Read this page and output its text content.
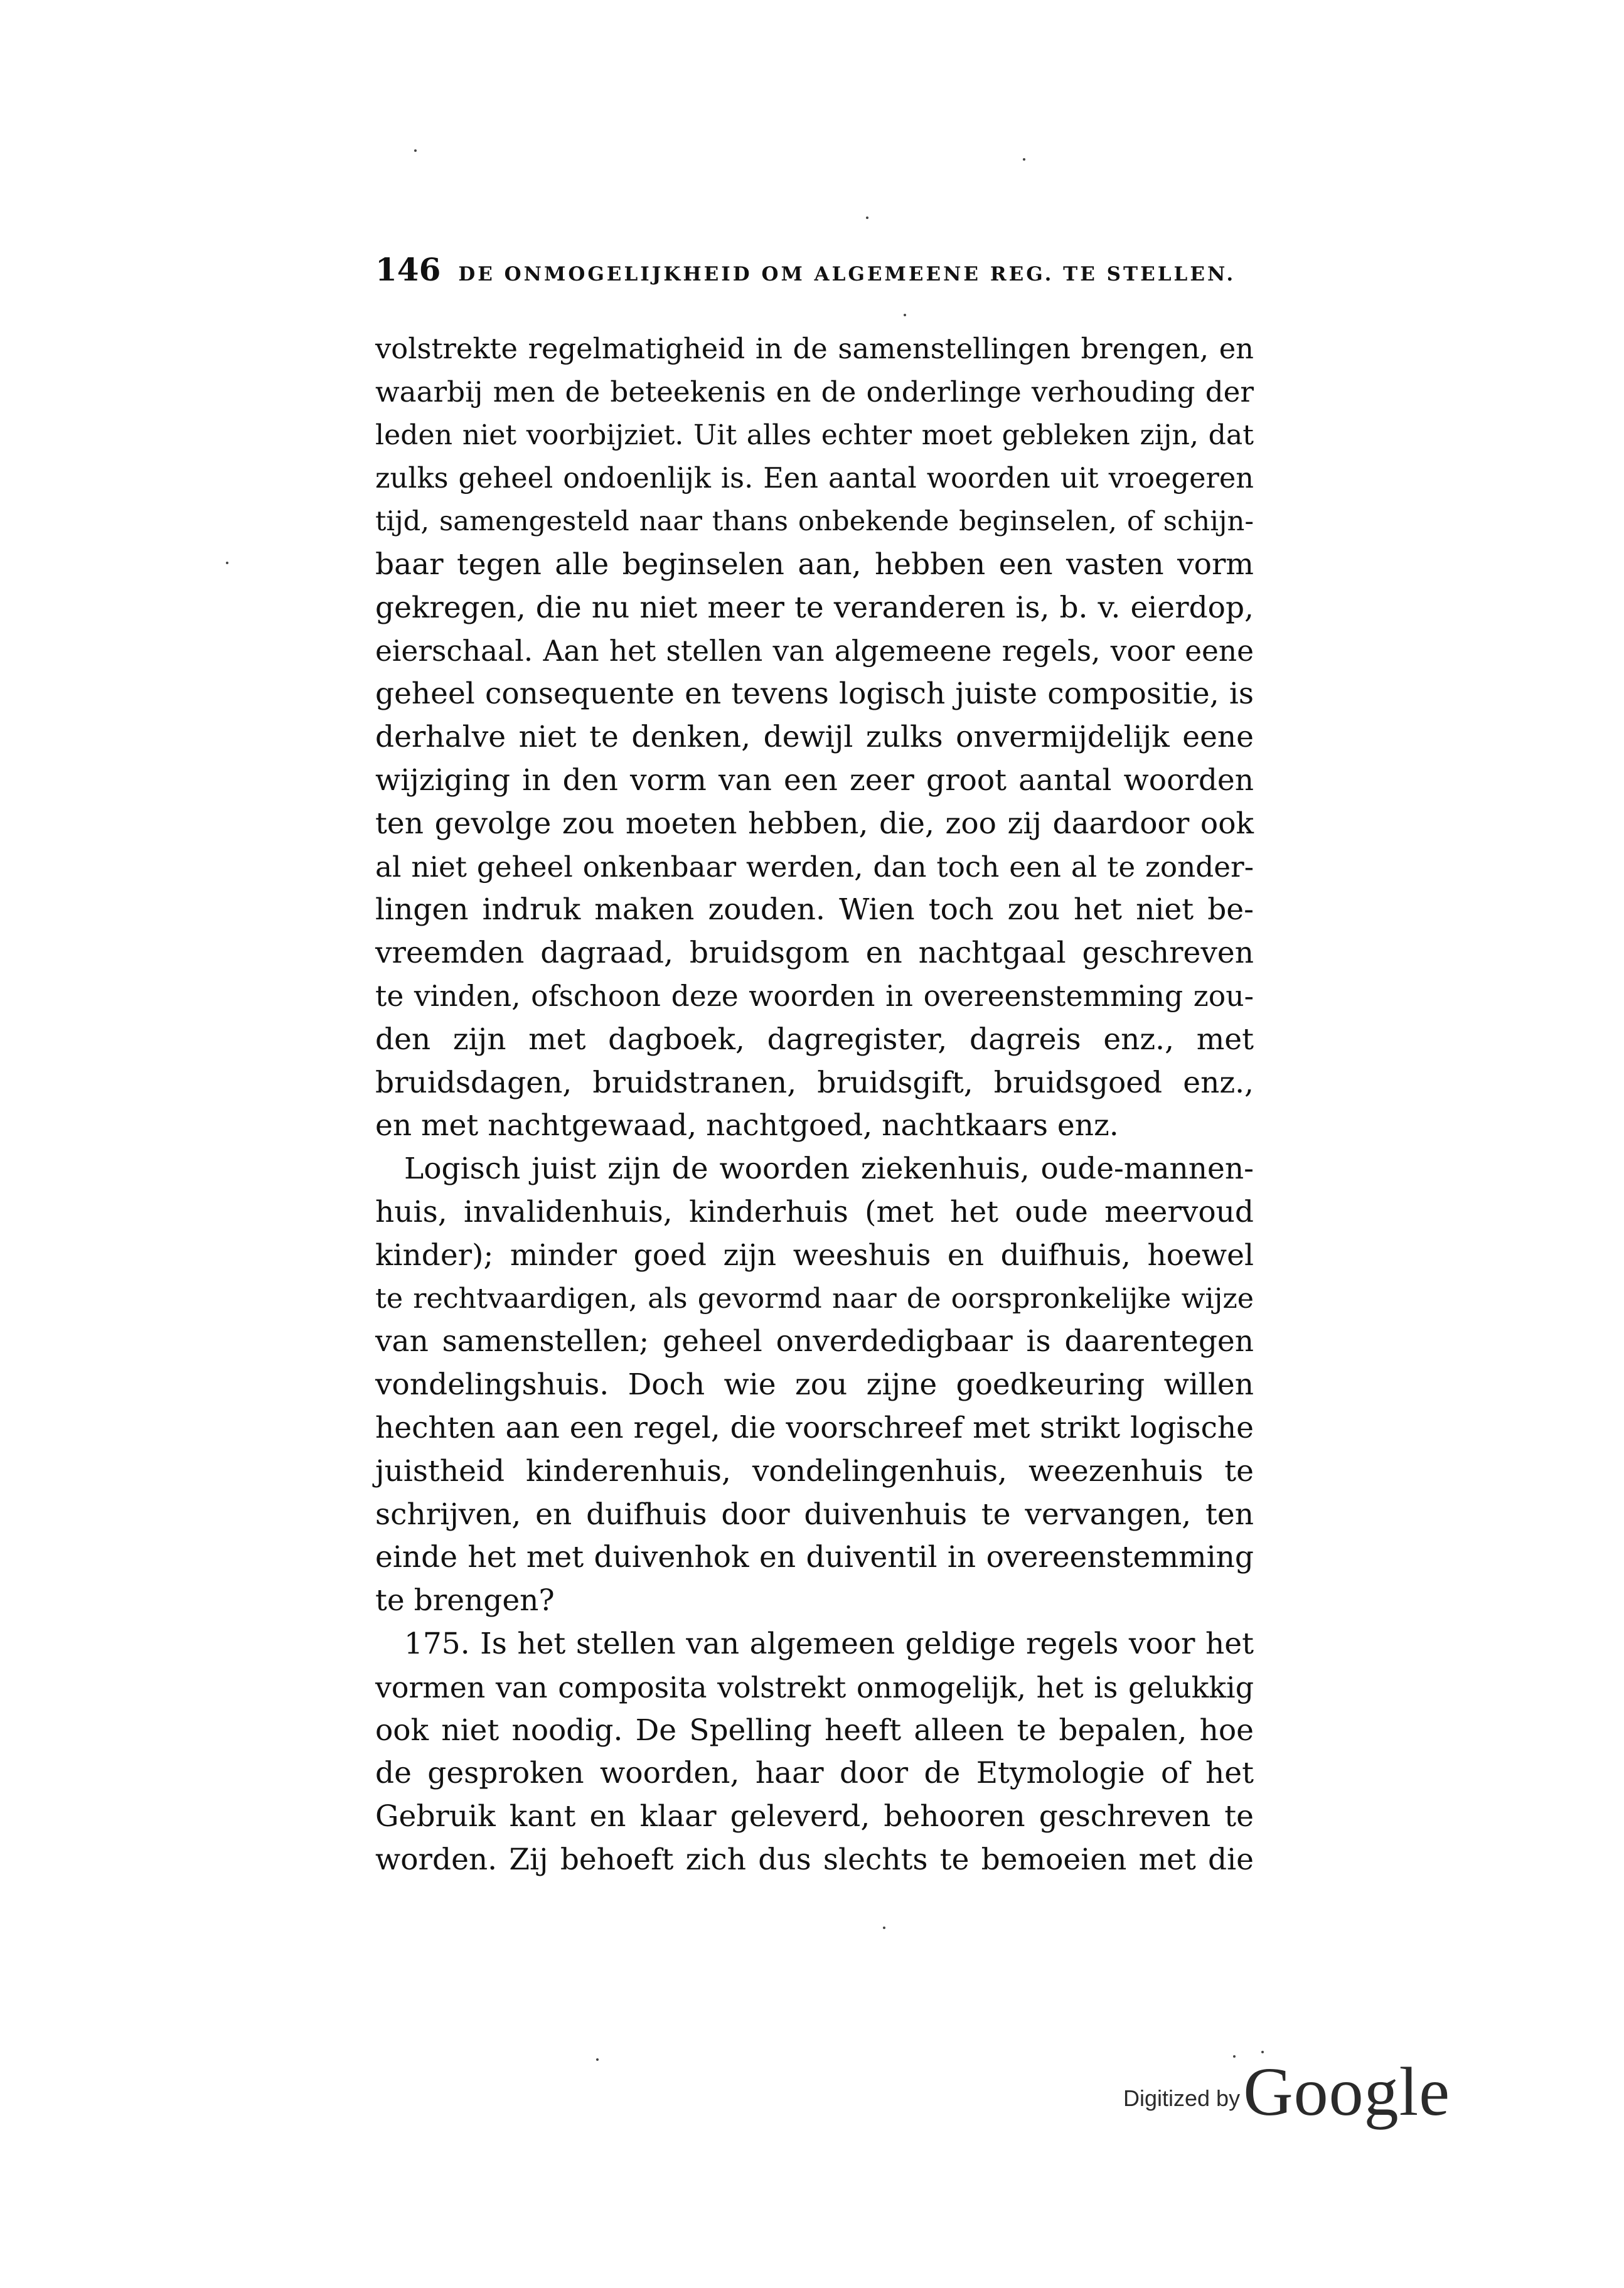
146 DE ONMOGELIJKHEID OM ALGEMEENE REG. TE STELLEN.
volstrekte regelmatigheid in de samenstellingen brengen, en
waarbij men de beteekenis en de onderlinge verhouding der
leden niet voorbijziet. Uit alles echter moet gebleken zijn, dat
zulks geheel ondoenlijk is. Een aantal woorden uit vroegeren
tijd, samengesteld naar thans onbekende beginselen, of schijn-
baar tegen alle beginselen aan, hebben een vasten vorm
gekregen, die nu niet meer te veranderen is, b. v. eierdop,
eierschaal. Aan het stellen van algemeene regels, voor eene
geheel consequente en tevens logisch juiste compositie, is
derhalve niet te denken, dewijl zulks onvermijdelijk eene
wijziging in den vorm van een zeer groot aantal woorden
ten gevolge zou moeten hebben, die, zoo zij daardoor ook
al niet geheel onkenbaar werden, dan toch een al te zonder-
lingen indruk maken zouden. Wien toch zou het niet be-
vreemden dagraad, bruidsgom en nachtgaal geschreven
te vinden, ofschoon deze woorden in overeenstemming zou-
den zijn met dagboek, dagregister, dagreis enz., met
bruidsdagen, bruidstranen, bruidsgift, bruidsgoed enz.,
en met nachtgewaad, nachtgoed, nachtkaars enz.
Logisch juist zijn de woorden ziekenhuis, oude-mannen-
huis, invalidenhuis, kinderhuis (met het oude meervoud
kinder); minder goed zijn weeshuis en duifhuis, hoewel
te rechtvaardigen, als gevormd naar de oorspronkelijke wijze
van samenstellen; geheel onverdedigbaar is daarentegen
vondelingshuis. Doch wie zou zijne goedkeuring willen
hechten aan een regel, die voorschreef met strikt logische
juistheid kinderenhuis, vondelingenhuis, weezenhuis te
schrijven, en duifhuis door duivenhuis te vervangen, ten
einde het met duivenhok en duiventil in overeenstemming
te brengen?
175. Is het stellen van algemeen geldige regels voor het
vormen van composita volstrekt onmogelijk, het is gelukkig
ook niet noodig. De Spelling heeft alleen te bepalen, hoe
de gesproken woorden, haar door de Etymologie of het
Gebruik kant en klaar geleverd, behooren geschreven te
worden. Zij behoeft zich dus slechts te bemoeien met die
Digitized by Google
